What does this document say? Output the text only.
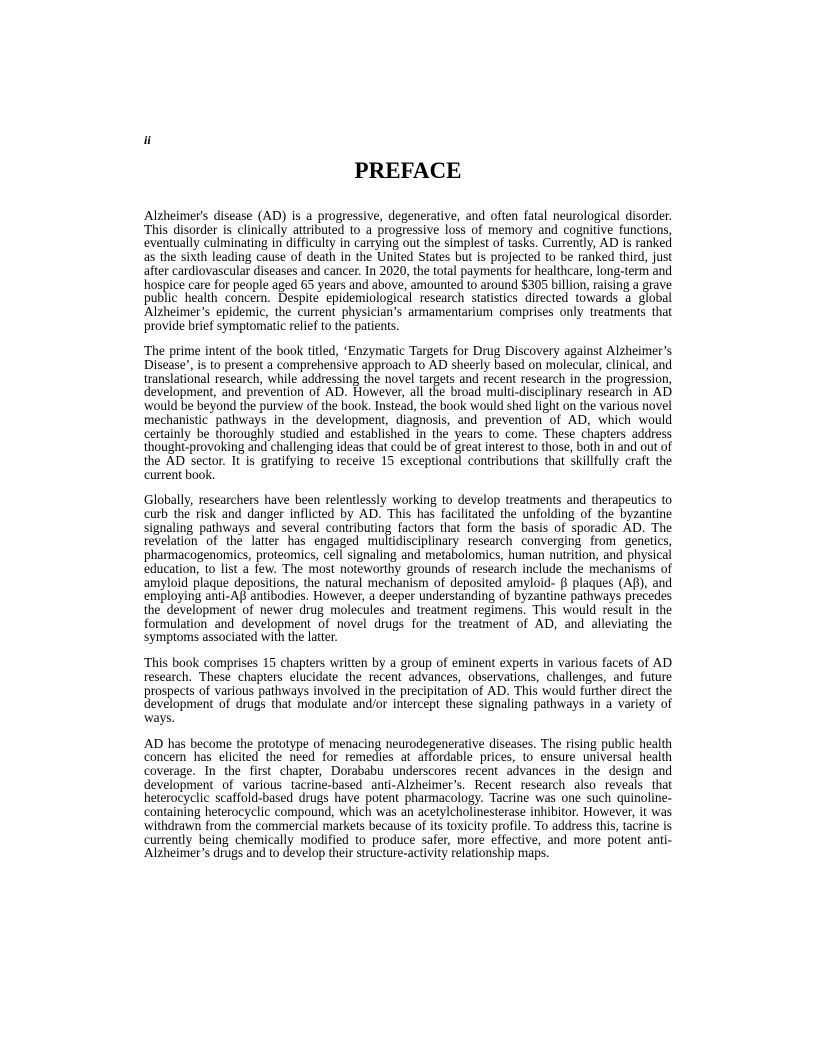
ii
PREFACE

Alzheimer's disease (AD) is a progressive, degenerative, and often fatal neurological disorder. This disorder is clinically attributed to a progressive loss of memory and cognitive functions, eventually culminating in difficulty in carrying out the simplest of tasks. Currently, AD is ranked as the sixth leading cause of death in the United States but is projected to be ranked third, just after cardiovascular diseases and cancer. In 2020, the total payments for healthcare, long-term and hospice care for people aged 65 years and above, amounted to around $305 billion, raising a grave public health concern. Despite epidemiological research statistics directed towards a global Alzheimer’s epidemic, the current physician’s armamentarium comprises only treatments that provide brief symptomatic relief to the patients.

The prime intent of the book titled, ‘Enzymatic Targets for Drug Discovery against Alzheimer’s Disease’, is to present a comprehensive approach to AD sheerly based on molecular, clinical, and translational research, while addressing the novel targets and recent research in the progression, development, and prevention of AD. However, all the broad multi-disciplinary research in AD would be beyond the purview of the book. Instead, the book would shed light on the various novel mechanistic pathways in the development, diagnosis, and prevention of AD, which would certainly be thoroughly studied and established in the years to come. These chapters address thought-provoking and challenging ideas that could be of great interest to those, both in and out of the AD sector. It is gratifying to receive 15 exceptional contributions that skillfully craft the current book.

Globally, researchers have been relentlessly working to develop treatments and therapeutics to curb the risk and danger inflicted by AD. This has facilitated the unfolding of the byzantine signaling pathways and several contributing factors that form the basis of sporadic AD. The revelation of the latter has engaged multidisciplinary research converging from genetics, pharmacogenomics, proteomics, cell signaling and metabolomics, human nutrition, and physical education, to list a few. The most noteworthy grounds of research include the mechanisms of amyloid plaque depositions, the natural mechanism of deposited amyloid- β plaques (Aβ), and employing anti-Aβ antibodies. However, a deeper understanding of byzantine pathways precedes the development of newer drug molecules and treatment regimens. This would result in the formulation and development of novel drugs for the treatment of AD, and alleviating the symptoms associated with the latter.

This book comprises 15 chapters written by a group of eminent experts in various facets of AD research. These chapters elucidate the recent advances, observations, challenges, and future prospects of various pathways involved in the precipitation of AD. This would further direct the development of drugs that modulate and/or intercept these signaling pathways in a variety of ways.

AD has become the prototype of menacing neurodegenerative diseases. The rising public health concern has elicited the need for remedies at affordable prices, to ensure universal health coverage. In the first chapter, Dorababu underscores recent advances in the design and development of various tacrine-based anti-Alzheimer’s. Recent research also reveals that heterocyclic scaffold-based drugs have potent pharmacology. Tacrine was one such quinoline-containing heterocyclic compound, which was an acetylcholinesterase inhibitor. However, it was withdrawn from the commercial markets because of its toxicity profile. To address this, tacrine is currently being chemically modified to produce safer, more effective, and more potent anti-Alzheimer’s drugs and to develop their structure-activity relationship maps.
